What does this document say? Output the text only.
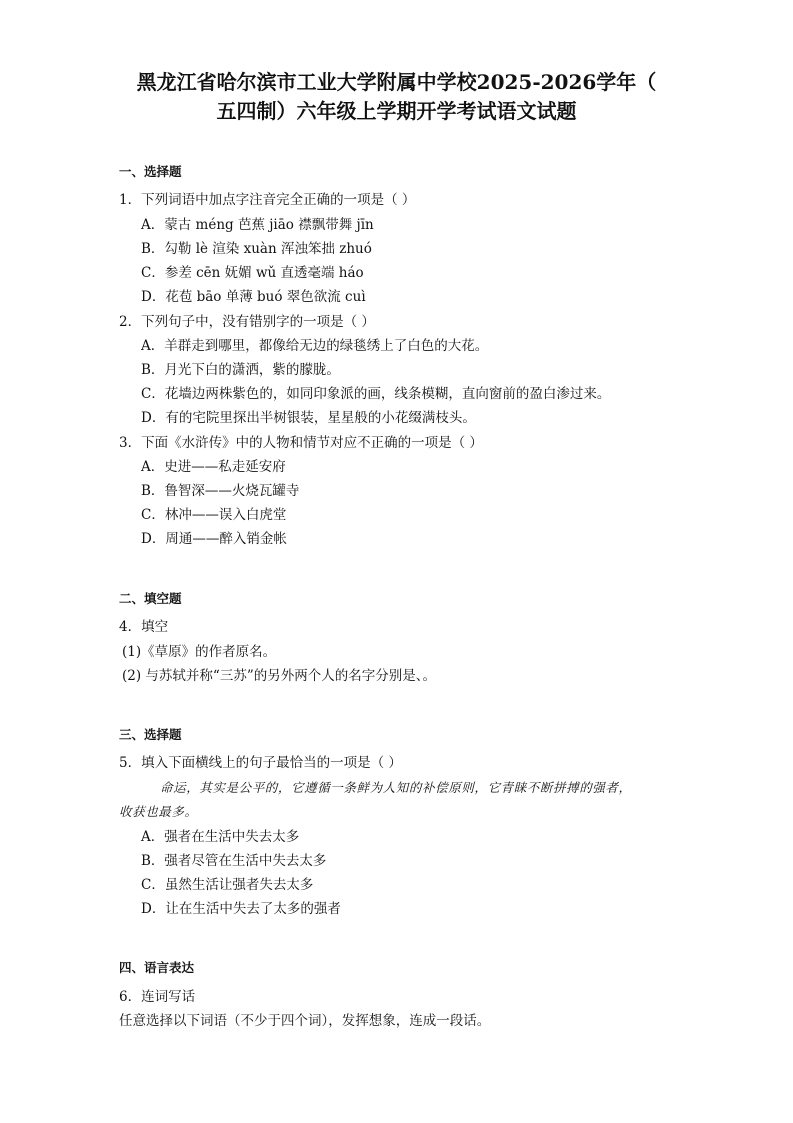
黑龙江省哈尔滨市工业大学附属中学校2025-2026学年（
五四制）六年级上学期开学考试语文试题
一、选择题
1．下列词语中加点字注音完全正确的一项是（ ）
A．蒙古 méng 芭蕉 jiāo 襟飘带舞 jīn
B．勾勒 lè 渲染 xuàn 浑浊笨拙 zhuó
C．参差 cēn 妩媚 wǔ 直透毫端 háo
D．花苞 bāo 单薄 buó 翠色欲流 cuì
2．下列句子中，没有错别字的一项是（ ）
A．羊群走到哪里，都像给无边的绿毯绣上了白色的大花。
B．月光下白的潇洒，紫的朦胧。
C．花墙边两株紫色的，如同印象派的画，线条模糊，直向窗前的盈白渗过来。
D．有的宅院里探出半树银装，星星般的小花缀满枝头。
3．下面《水浒传》中的人物和情节对应不正确的一项是（ ）
A．史进——私走延安府
B．鲁智深——火烧瓦罐寺
C．林冲——误入白虎堂
D．周通——醉入销金帐
二、填空题
4．填空
(1)《草原》的作者原名。
(2) 与苏轼并称“三苏”的另外两个人的名字分别是、。
三、选择题
5．填入下面横线上的句子最恰当的一项是（ ）
命运，其实是公平的，它遵循一条鲜为人知的补偿原则，它青睐不断拼搏的强者，
收获也最多。
A．强者在生活中失去太多
B．强者尽管在生活中失去太多
C．虽然生活让强者失去太多
D．让在生活中失去了太多的强者
四、语言表达
6．连词写话
任意选择以下词语（不少于四个词），发挥想象，连成一段话。
